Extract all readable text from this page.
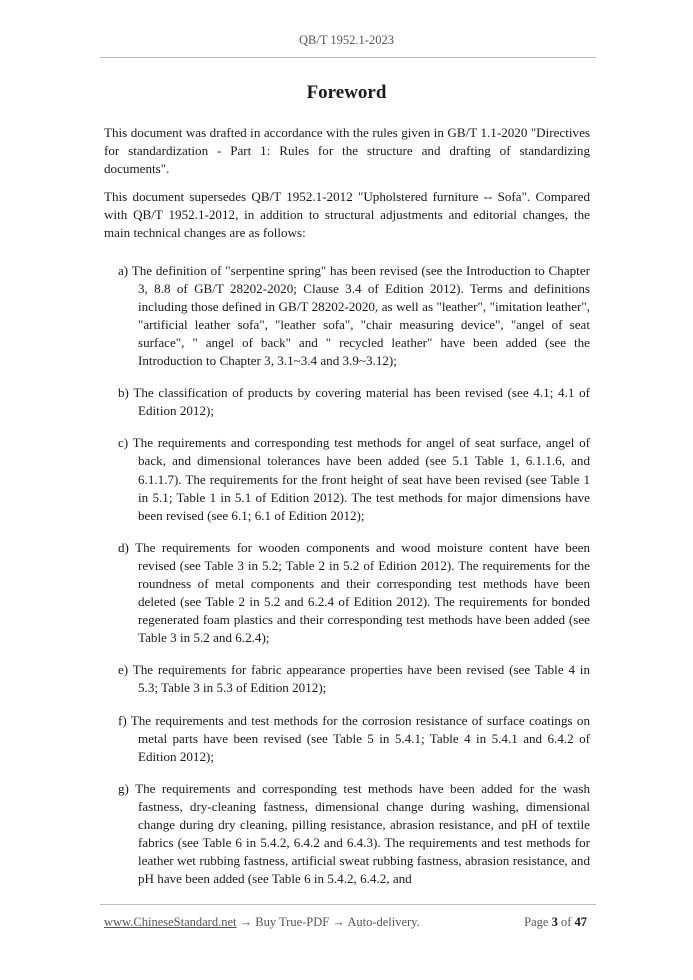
QB/T 1952.1-2023
Foreword

This document was drafted in accordance with the rules given in GB/T 1.1-2020 "Directives for standardization - Part 1: Rules for the structure and drafting of standardizing documents".

This document supersedes QB/T 1952.1-2012 "Upholstered furniture -- Sofa". Compared with QB/T 1952.1-2012, in addition to structural adjustments and editorial changes, the main technical changes are as follows:

a) The definition of "serpentine spring" has been revised (see the Introduction to Chapter 3, 8.8 of GB/T 28202-2020; Clause 3.4 of Edition 2012). Terms and definitions including those defined in GB/T 28202-2020, as well as "leather", "imitation leather", "artificial leather sofa", "leather sofa", "chair measuring device", "angel of seat surface", " angel of back" and " recycled leather" have been added (see the Introduction to Chapter 3, 3.1~3.4 and 3.9~3.12);
b) The classification of products by covering material has been revised (see 4.1; 4.1 of Edition 2012);
c) The requirements and corresponding test methods for angel of seat surface, angel of back, and dimensional tolerances have been added (see 5.1 Table 1, 6.1.1.6, and 6.1.1.7). The requirements for the front height of seat have been revised (see Table 1 in 5.1; Table 1 in 5.1 of Edition 2012). The test methods for major dimensions have been revised (see 6.1; 6.1 of Edition 2012);
d) The requirements for wooden components and wood moisture content have been revised (see Table 3 in 5.2; Table 2 in 5.2 of Edition 2012). The requirements for the roundness of metal components and their corresponding test methods have been deleted (see Table 2 in 5.2 and 6.2.4 of Edition 2012). The requirements for bonded regenerated foam plastics and their corresponding test methods have been added (see Table 3 in 5.2 and 6.2.4);
e) The requirements for fabric appearance properties have been revised (see Table 4 in 5.3; Table 3 in 5.3 of Edition 2012);
f) The requirements and test methods for the corrosion resistance of surface coatings on metal parts have been revised (see Table 5 in 5.4.1; Table 4 in 5.4.1 and 6.4.2 of Edition 2012);
g) The requirements and corresponding test methods have been added for the wash fastness, dry-cleaning fastness, dimensional change during washing, dimensional change during dry cleaning, pilling resistance, abrasion resistance, and pH of textile fabrics (see Table 6 in 5.4.2, 6.4.2 and 6.4.3). The requirements and test methods for leather wet rubbing fastness, artificial sweat rubbing fastness, abrasion resistance, and pH have been added (see Table 6 in 5.4.2, 6.4.2, and
www.ChineseStandard.net → Buy True-PDF → Auto-delivery.	Page 3 of 47
